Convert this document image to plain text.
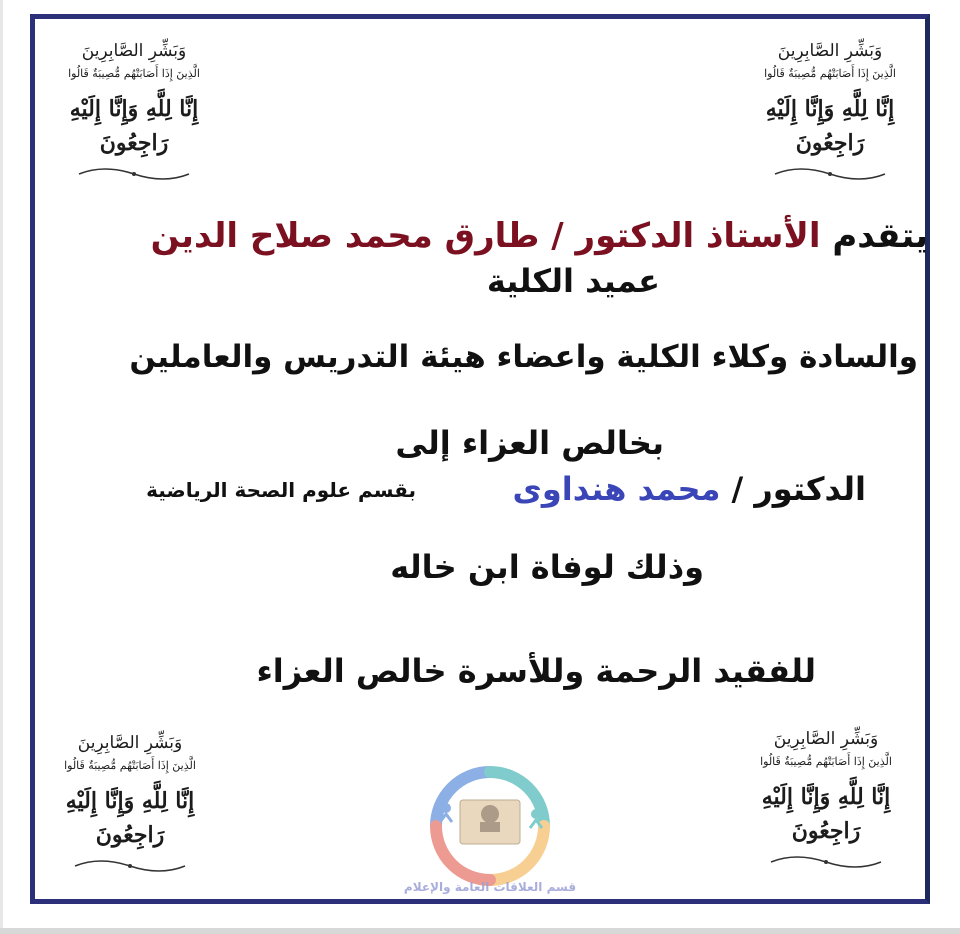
وَبَشِّرِ الصَّابِرِينَ
الَّذِينَ إِذَا أَصَابَتْهُم مُّصِيبَةٌ قَالُوا
إِنَّا لِلَّهِ وَإِنَّا إِلَيْهِ رَاجِعُونَ
وَبَشِّرِ الصَّابِرِينَ
الَّذِينَ إِذَا أَصَابَتْهُم مُّصِيبَةٌ قَالُوا
إِنَّا لِلَّهِ وَإِنَّا إِلَيْهِ رَاجِعُونَ
وَبَشِّرِ الصَّابِرِينَ
الَّذِينَ إِذَا أَصَابَتْهُم مُّصِيبَةٌ قَالُوا
إِنَّا لِلَّهِ وَإِنَّا إِلَيْهِ رَاجِعُونَ
وَبَشِّرِ الصَّابِرِينَ
الَّذِينَ إِذَا أَصَابَتْهُم مُّصِيبَةٌ قَالُوا
إِنَّا لِلَّهِ وَإِنَّا إِلَيْهِ رَاجِعُونَ
يتقدم الأستاذ الدكتور / طارق محمد صلاح الدين
عميد الكلية
والسادة وكلاء الكلية واعضاء هيئة التدريس والعاملين
بخالص العزاء إلى
الدكتور / محمد هنداوى
بقسم علوم الصحة الرياضية
وذلك لوفاة ابن خاله
للفقيد الرحمة وللأسرة خالص العزاء
قسم العلاقات العامة والإعلام
